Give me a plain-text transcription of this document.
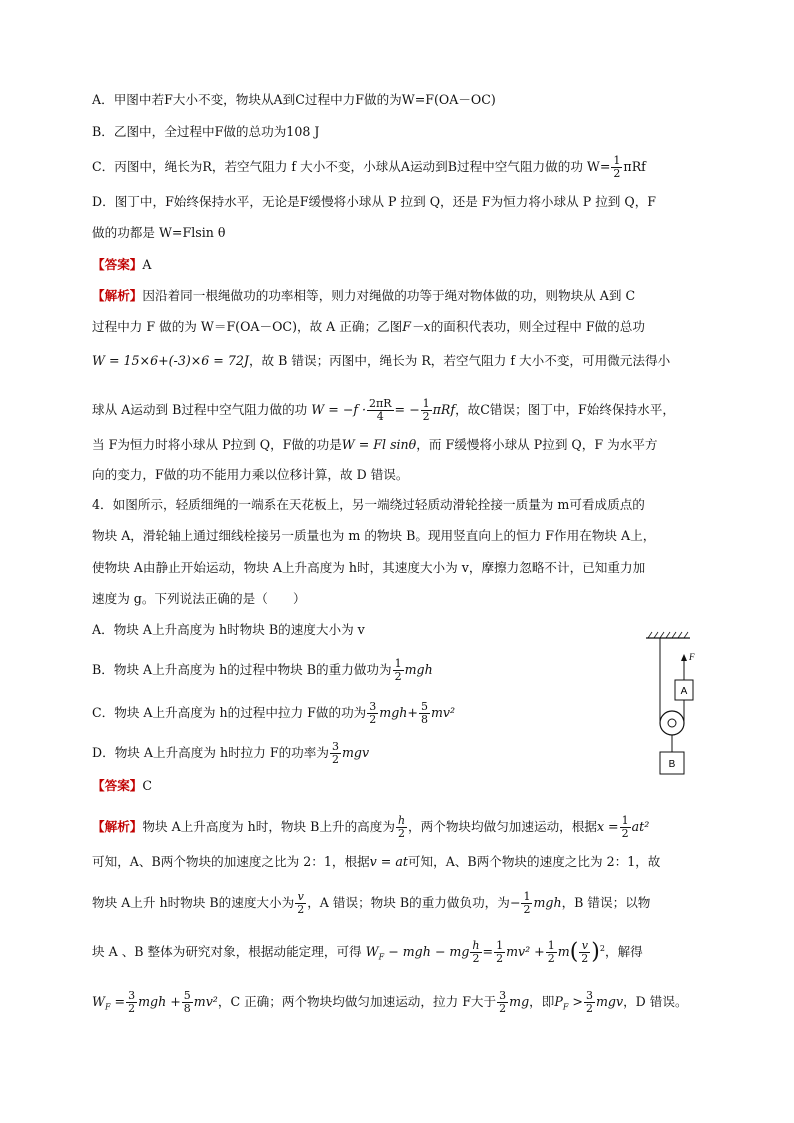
A．甲图中若F大小不变，物块从A到C过程中力F做的为W=F(OA－OC)
B．乙图中，全过程中F做的总功为108 J
C．丙图中，绳长为R，若空气阻力 f 大小不变，小球从A运动到B过程中空气阻力做的功 $W= \frac{1}{2}$ πRf
D．图丁中，F始终保持水平，无论是F缓慢将小球从 P 拉到 Q，还是 F为恒力将小球从 P 拉到 Q，F
做的功都是 W=Flsin θ
【答案】A
【解析】因沿着同一根绳做功的功率相等，则力对绳做的功等于绳对物体做的功，则物块从 A到 C
过程中力 F 做的为 W＝F(OA－OC)，故 A 正确；乙图F－x的面积代表功，则全过程中 F做的总功
W = 15×6+(-3)×6 = 72J，故 B 错误；丙图中，绳长为 R，若空气阻力 f 大小不变，可用微元法得小
球从 A运动到 B过程中空气阻力做的功 $W = -f \cdot \frac{2\pi R}{4}$ = − $\frac{1}{2}$ πRf，故C错误；图丁中，F始终保持水平，
当 F为恒力时将小球从 P拉到 Q，F做的功是W = Fl sinθ，而 F缓慢将小球从 P拉到 Q，F 为水平方
向的变力，F做的功不能用力乘以位移计算，故 D 错误。
4．如图所示，轻质细绳的一端系在天花板上，另一端绕过轻质动滑轮拴接一质量为 m可看成质点的
物块 A，滑轮轴上通过细线栓接另一质量也为 m 的物块 B。现用竖直向上的恒力 F作用在物块 A上，
使物块 A由静止开始运动，物块 A上升高度为 h时，其速度大小为 v，摩擦力忽略不计，已知重力加
速度为 g。下列说法正确的是（　　）
A．物块 A上升高度为 h时物块 B的速度大小为 v
B．物块 A上升高度为 h的过程中物块 B的重力做功为 $\frac{1}{2}$ mgh
C．物块 A上升高度为 h的过程中拉力 F做的功为 $\frac{3}{2} mgh+ \frac{5}{8} mv^2$
D．物块 A上升高度为 h时拉力 F的功率为 $\frac{3}{2}$ mgv
【答案】C
【解析】物块 A上升高度为 h时，物块 B上升的高度为 $\frac{h}{2}$ ，两个物块均做匀加速运动，根据$x = \frac{1}{2} at^2$
可知，A、B两个物块的加速度之比为 2：1，根据v = at可知，A、B两个物块的速度之比为 2：1，故
物块 A上升 h时物块 B的速度大小为 $\frac{v}{2}$ ，A 错误；物块 B的重力做负功，为− $\frac{1}{2}$ mgh，B 错误；以物
块 A 、B 整体为研究对象，根据动能定理，可得 $W_F$ − mgh − mg $\frac{h}{2} = \frac{1}{2} mv^2 + \frac{1}{2} m( \frac{v}{2} )^2$，解得
$W_F = \frac{3}{2}$ mgh + $\frac{5}{8} mv^2$，C 正确；两个物块均做匀加速运动，拉力 F大于 $\frac{3}{2}$ mg，即$P_F > \frac{3}{2}$ mgv，D 错误。
A
F
B
